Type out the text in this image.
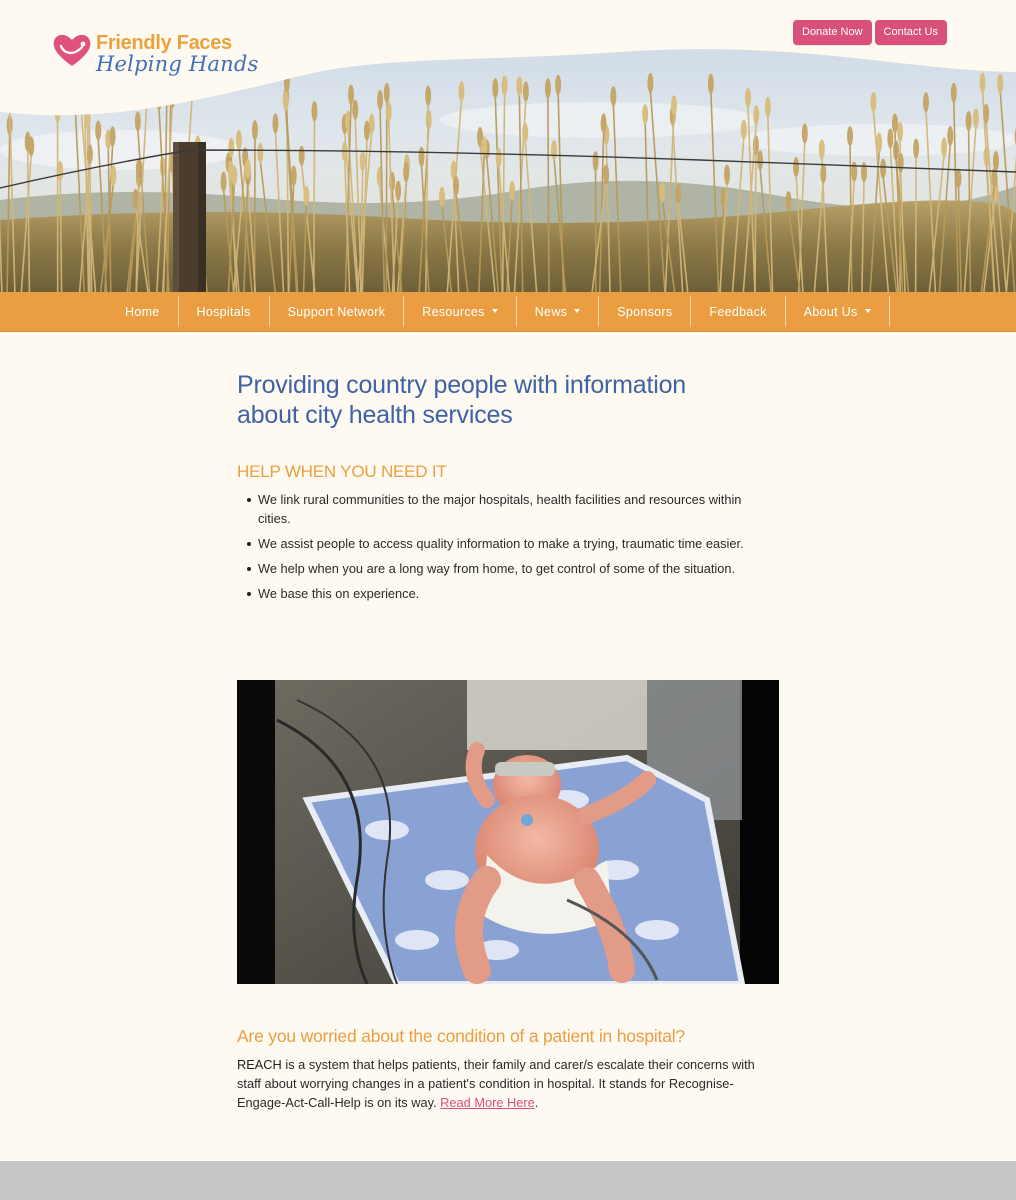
Friendly Faces
Helping Hands
Donate Now	Contact Us
Home	Hospitals	Support Network	Resources	News	Sponsors	Feedback	About Us
Providing country people with information about city health services
HELP WHEN YOU NEED IT
We link rural communities to the major hospitals, health facilities and resources within cities.
We assist people to access quality information to make a trying, traumatic time easier.
We help when you are a long way from home, to get control of some of the situation.
We base this on experience.
Are you worried about the condition of a patient in hospital?

REACH is a system that helps patients, their family and carer/s escalate their concerns with staff about worrying changes in a patient's condition in hospital. It stands for Recognise-Engage-Act-Call-Help is on its way. Read More Here.
